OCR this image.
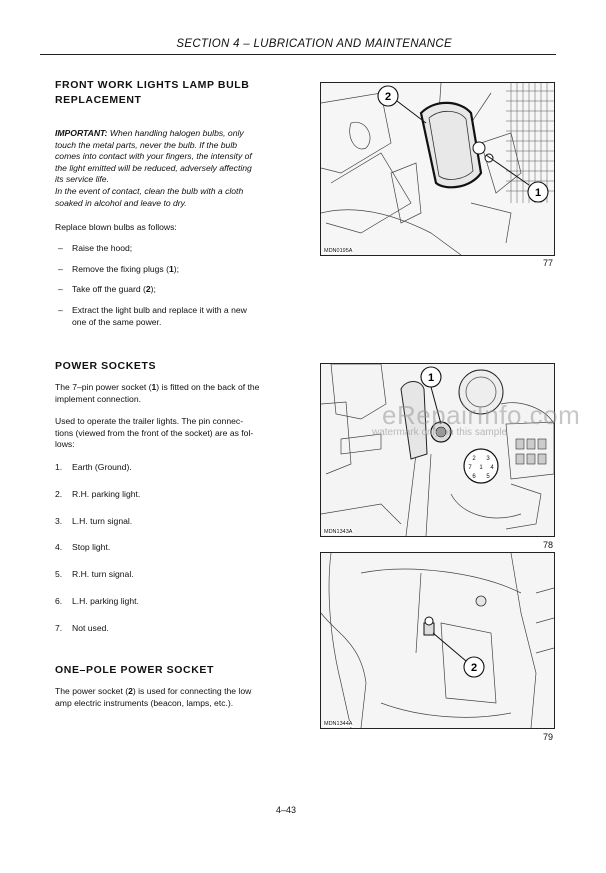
SECTION 4 – LUBRICATION AND MAINTENANCE
FRONT WORK LIGHTS LAMP BULB
REPLACEMENT
IMPORTANT: When handling halogen bulbs, only
touch the metal parts, never the bulb. If the bulb
comes into contact with your fingers, the intensity of
the light emitted will be reduced, adversely affecting
its service life.
In the event of contact, clean the bulb with a cloth
soaked in alcohol and leave to dry.
Replace blown bulbs as follows:
– Raise the hood;
– Remove the fixing plugs (1);
– Take off the guard (2);
– Extract the light bulb and replace it with a new
one of the same power.
POWER SOCKETS
The 7–pin power socket (1) is fitted on the back of the
implement connection.
Used to operate the trailer lights. The pin connec-
tions (viewed from the front of the socket) are as fol-
lows:
1. Earth (Ground).
2. R.H. parking light.
3. L.H. turn signal.
4. Stop light.
5. R.H. turn signal.
6. L.H. parking light.
7. Not used.
ONE–POLE POWER SOCKET
The power socket (2) is used for connecting the low
amp electric instruments (beacon, lamps, etc.).
2
1
MDN0195A
77
1
2 3
4
5
6
7
1
MDN1343A
78
2
MDN1344A
79
eRepairInfo.com
watermark only on this sample
4–43
